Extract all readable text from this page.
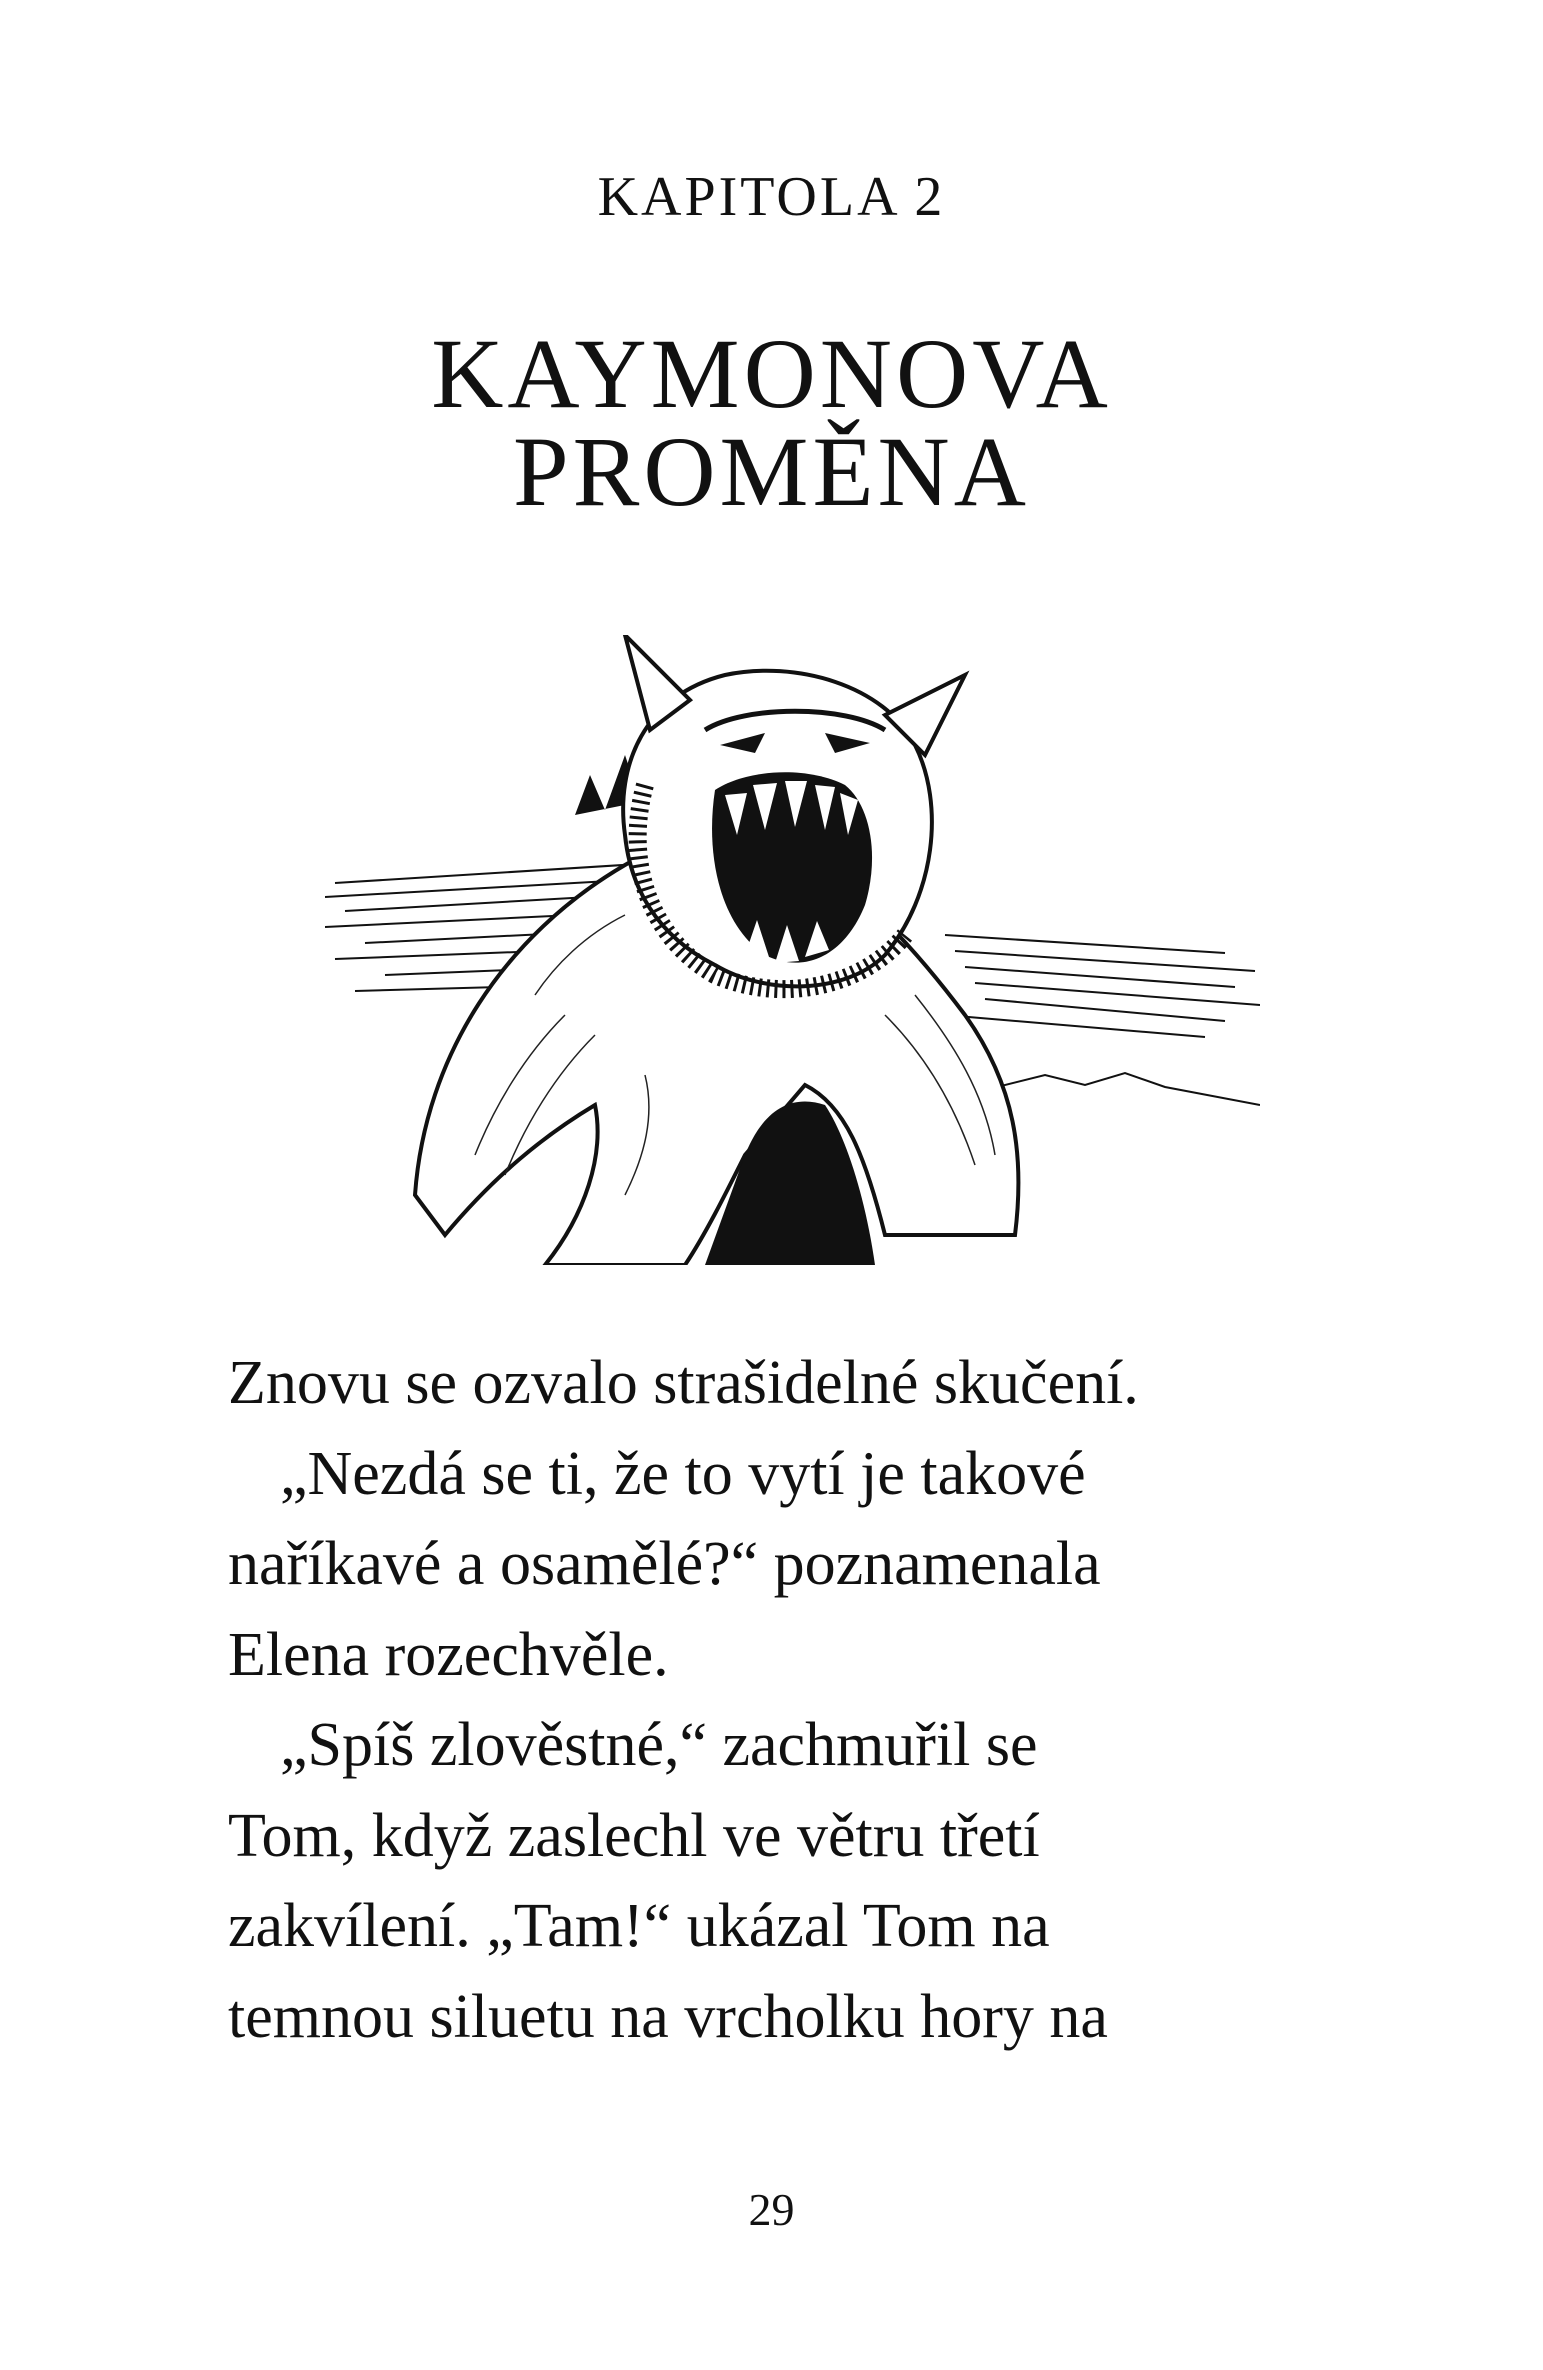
KAPITOLA 2
KAYMONOVA
PROMĚNA
Znovu se ozvalo strašidelné skučení.
„Nezdá se ti, že to vytí je takové
naříkavé a osamělé?“ poznamenala
Elena rozechvěle.
„Spíš zlověstné,“ zachmuřil se
Tom, když zaslechl ve větru třetí
zakvílení. „Tam!“ ukázal Tom na
temnou siluetu na vrcholku hory na
29
